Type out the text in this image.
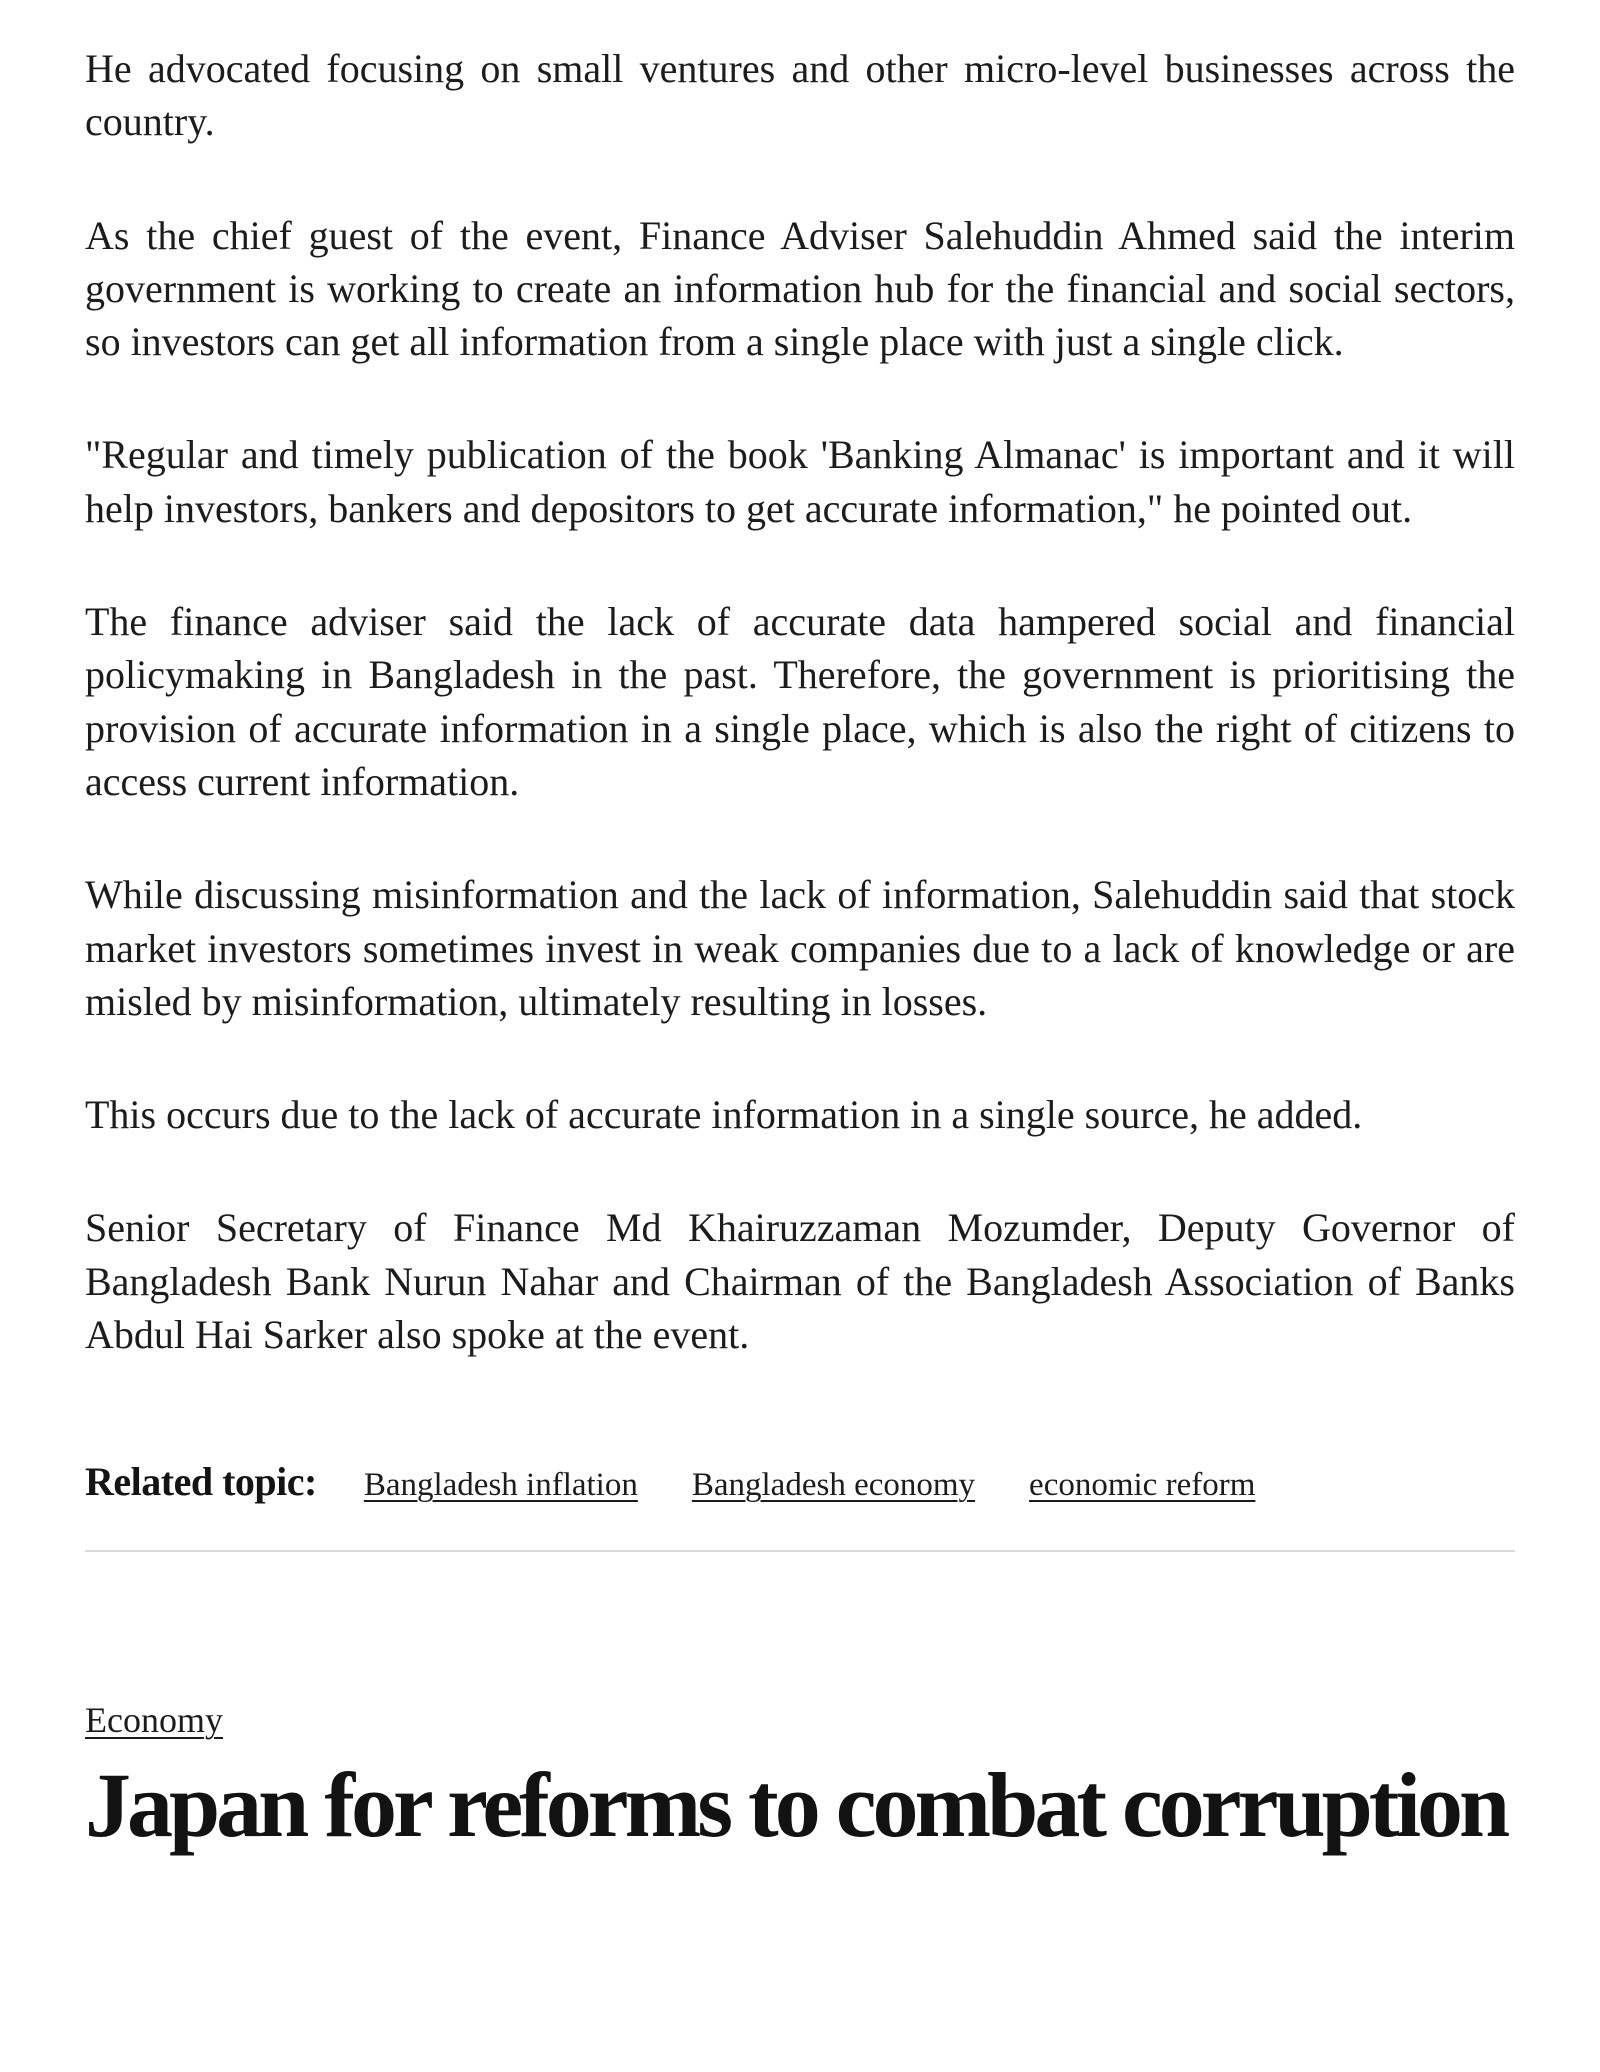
He advocated focusing on small ventures and other micro-level businesses across the country.

As the chief guest of the event, Finance Adviser Salehuddin Ahmed said the interim government is working to create an information hub for the financial and social sectors, so investors can get all information from a single place with just a single click.

"Regular and timely publication of the book 'Banking Almanac' is important and it will help investors, bankers and depositors to get accurate information," he pointed out.

The finance adviser said the lack of accurate data hampered social and financial policymaking in Bangladesh in the past. Therefore, the government is prioritising the provision of accurate information in a single place, which is also the right of citizens to access current information.

While discussing misinformation and the lack of information, Salehuddin said that stock market investors sometimes invest in weak companies due to a lack of knowledge or are misled by misinformation, ultimately resulting in losses.

This occurs due to the lack of accurate information in a single source, he added.

Senior Secretary of Finance Md Khairuzzaman Mozumder, Deputy Governor of Bangladesh Bank Nurun Nahar and Chairman of the Bangladesh Association of Banks Abdul Hai Sarker also spoke at the event.

Related topic: Bangladesh inflation Bangladesh economy economic reform
Economy
Japan for reforms to combat corruption
